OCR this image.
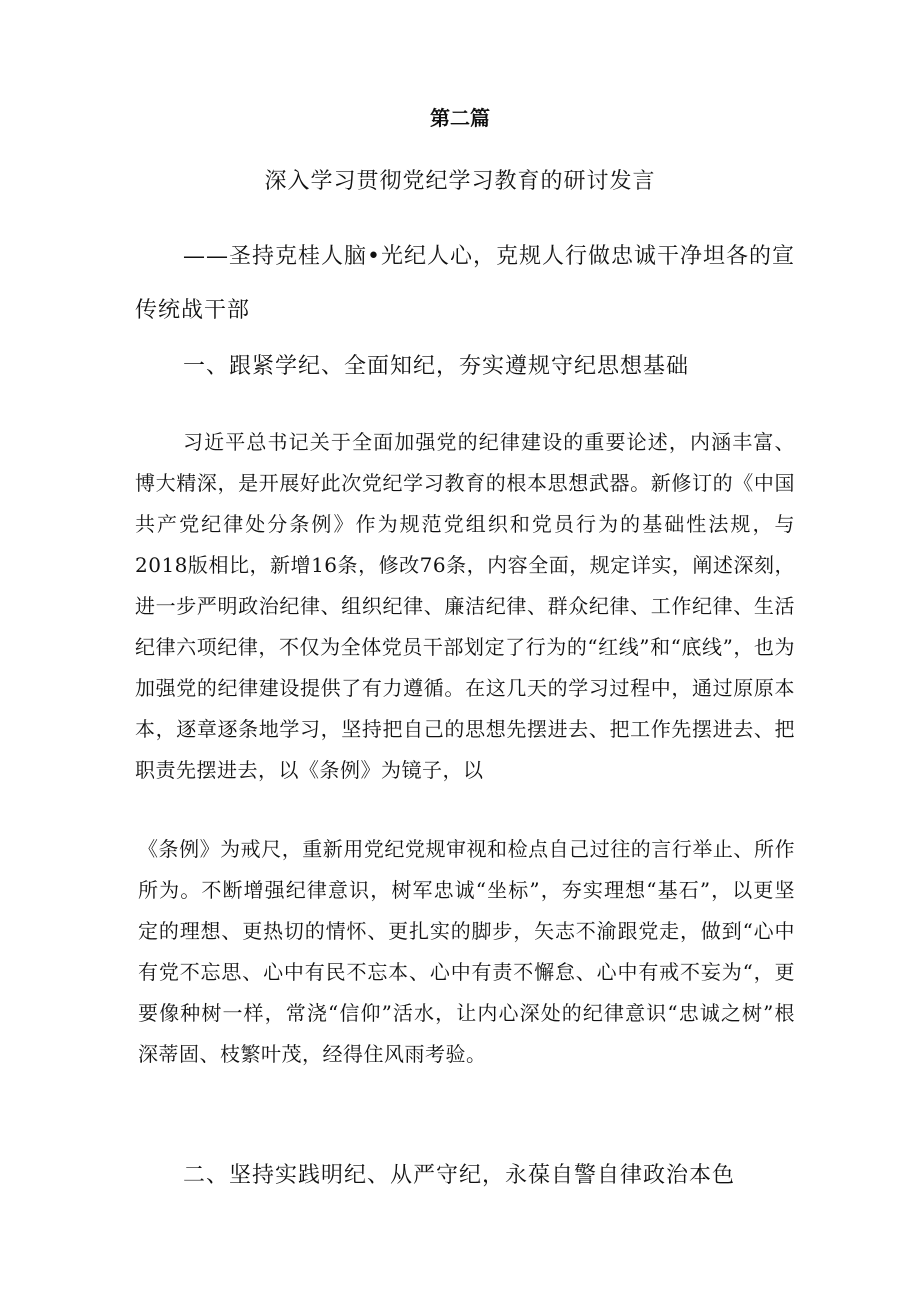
第二篇
深入学习贯彻党纪学习教育的研讨发言
——圣持克桂人脑•光纪人心，克规人行做忠诚干净坦各的宣传统战干部
一、跟紧学纪、全面知纪，夯实遵规守纪思想基础
习近平总书记关于全面加强党的纪律建设的重要论述，内涵丰富、博大精深，是开展好此次党纪学习教育的根本思想武器。新修订的《中国共产党纪律处分条例》作为规范党组织和党员行为的基础性法规，与2018版相比，新增16条，修改76条，内容全面，规定详实，阐述深刻，进一步严明政治纪律、组织纪律、廉洁纪律、群众纪律、工作纪律、生活纪律六项纪律，不仅为全体党员干部划定了行为的“红线”和“底线”，也为加强党的纪律建设提供了有力遵循。在这几天的学习过程中，通过原原本本，逐章逐条地学习，坚持把自己的思想先摆进去、把工作先摆进去、把职责先摆进去，以《条例》为镜子，以
《条例》为戒尺，重新用党纪党规审视和检点自己过往的言行举止、所作所为。不断增强纪律意识，树军忠诚“坐标”，夯实理想“基石”，以更坚定的理想、更热切的情怀、更扎实的脚步，矢志不渝跟党走，做到“心中有党不忘思、心中有民不忘本、心中有责不懈怠、心中有戒不妄为“，更要像种树一样，常浇“信仰”活水，让内心深处的纪律意识“忠诚之树”根深蒂固、枝繁叶茂，经得住风雨考验。
二、坚持实践明纪、从严守纪，永葆自警自律政治本色
